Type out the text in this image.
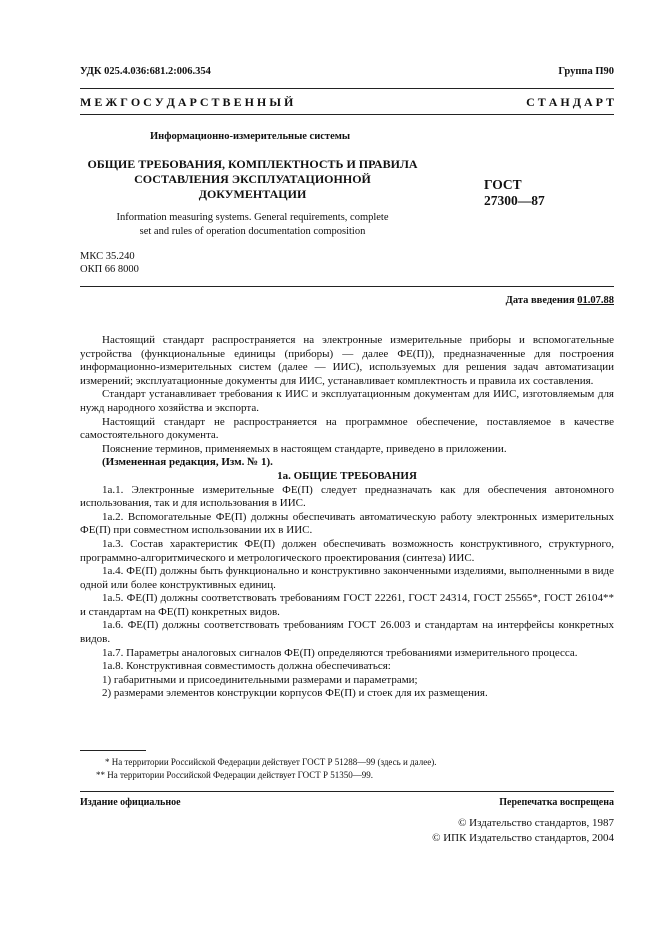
УДК 025.4.036:681.2:006.354	Группа П90
М Е Ж Г О С У Д А Р С Т В Е Н Н Ы Й	С Т А Н Д А Р Т
Информационно-измерительные системы
ОБЩИЕ ТРЕБОВАНИЯ, КОМПЛЕКТНОСТЬ И ПРАВИЛА
СОСТАВЛЕНИЯ ЭКСПЛУАТАЦИОННОЙ
ДОКУМЕНТАЦИИ
ГОСТ
27300—87
Information measuring systems. General requirements, complete
set and rules of operation documentation composition
МКС 35.240
ОКП 66 8000
Дата введения 01.07.88

Настоящий стандарт распространяется на электронные измерительные приборы и вспомогательные устройства (функциональные единицы (приборы) — далее ФЕ(П)), предназначенные для построения информационно-измерительных систем (далее — ИИС), используемых для решения задач автоматизации измерений; эксплуатационные документы для ИИС, устанавливает комплектность и правила их составления.

Стандарт устанавливает требования к ИИС и эксплуатационным документам для ИИС, изготовляемым для нужд народного хозяйства и экспорта.

Настоящий стандарт не распространяется на программное обеспечение, поставляемое в качестве самостоятельного документа.

Пояснение терминов, применяемых в настоящем стандарте, приведено в приложении.

(Измененная редакция, Изм. № 1).

1а. ОБЩИЕ ТРЕБОВАНИЯ

1а.1. Электронные измерительные ФЕ(П) следует предназначать как для обеспечения автономного использования, так и для использования в ИИС.

1а.2. Вспомогательные ФЕ(П) должны обеспечивать автоматическую работу электронных измерительных ФЕ(П) при совместном использовании их в ИИС.

1а.3. Состав характеристик ФЕ(П) должен обеспечивать возможность конструктивного, структурного, программно-алгоритмического и метрологического проектирования (синтеза) ИИС.

1а.4. ФЕ(П) должны быть функционально и конструктивно законченными изделиями, выполненными в виде одной или более конструктивных единиц.

1а.5. ФЕ(П) должны соответствовать требованиям ГОСТ 22261, ГОСТ 24314, ГОСТ 25565*, ГОСТ 26104** и стандартам на ФЕ(П) конкретных видов.

1а.6. ФЕ(П) должны соответствовать требованиям ГОСТ 26.003 и стандартам на интерфейсы конкретных видов.

1а.7. Параметры аналоговых сигналов ФЕ(П) определяются требованиями измерительного процесса.

1а.8. Конструктивная совместимость должна обеспечиваться:

1) габаритными и присоединительными размерами и параметрами;

2) размерами элементов конструкции корпусов ФЕ(П) и стоек для их размещения.

* На территории Российской Федерации действует ГОСТ Р 51288—99 (здесь и далее).
** На территории Российской Федерации действует ГОСТ Р 51350—99.
Издание официальное	Перепечатка воспрещена
© Издательство стандартов, 1987
© ИПК Издательство стандартов, 2004
